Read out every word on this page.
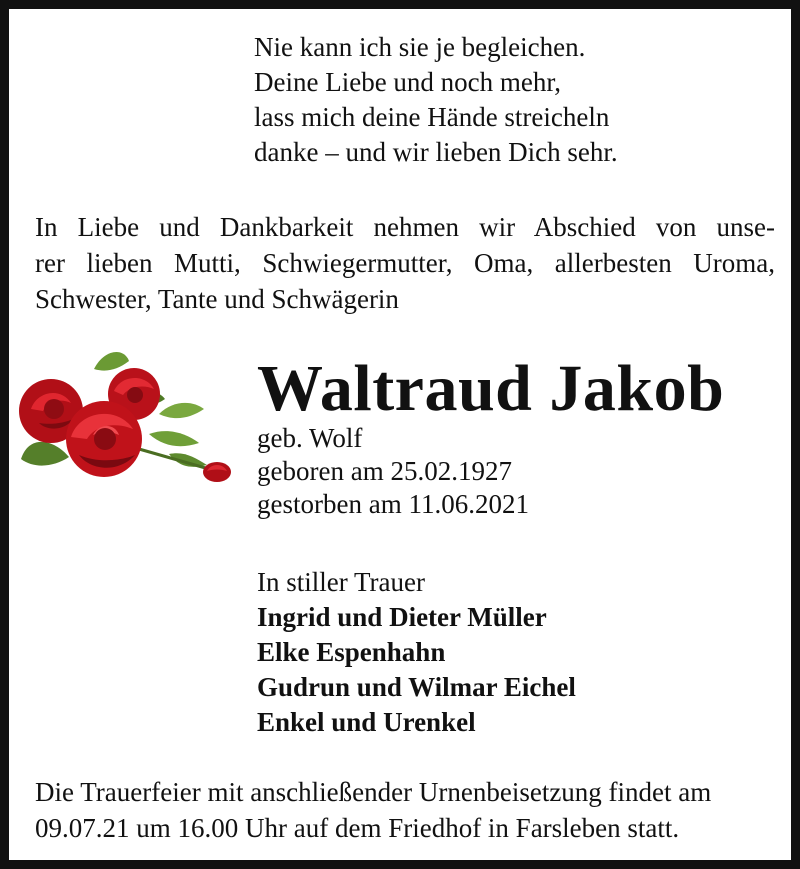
Nie kann ich sie je begleichen.
Deine Liebe und noch mehr,
lass mich deine Hände streicheln
danke – und wir lieben Dich sehr.
In Liebe und Dankbarkeit nehmen wir Abschied von unse-
rer lieben Mutti, Schwiegermutter, Oma, allerbesten Uroma,
Schwester, Tante und Schwägerin
Waltraud Jakob
geb. Wolf
geboren am 25.02.1927
gestorben am 11.06.2021
In stiller Trauer
Ingrid und Dieter Müller
Elke Espenhahn
Gudrun und Wilmar Eichel
Enkel und Urenkel
Die Trauerfeier mit anschließender Urnenbeisetzung findet am
09.07.21 um 16.00 Uhr auf dem Friedhof in Farsleben statt.
